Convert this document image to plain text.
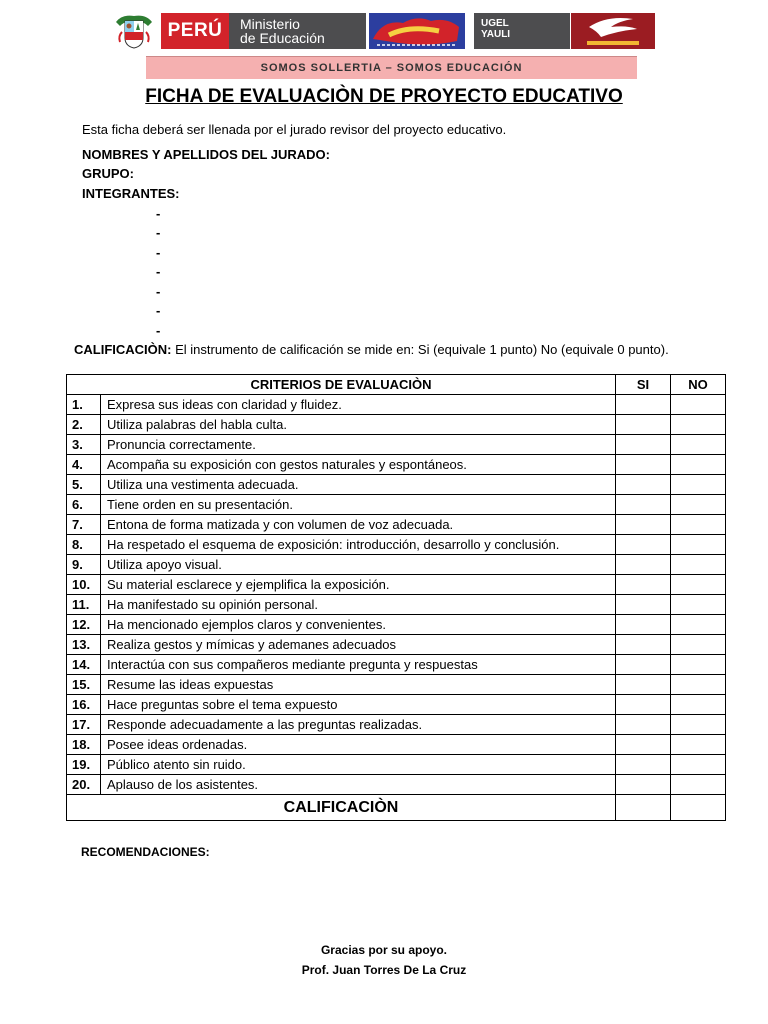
PERÚ Ministerio
de Educación
UGEL
YAULI
SOMOS SOLLERTIA – SOMOS EDUCACIÓN
FICHA DE EVALUACIÒN DE PROYECTO EDUCATIVO
Esta ficha deberá ser llenada por el jurado revisor del proyecto educativo.
NOMBRES Y APELLIDOS DEL JURADO:
GRUPO:
INTEGRANTES:
-
-
-
-
-
-
-
CALIFICACIÒN: El instrumento de calificación se mide en: Si (equivale 1 punto) No (equivale 0 punto).
CRITERIOS DE EVALUACIÒN		SI	NO
1.	Expresa sus ideas con claridad y fluidez.		
2.	Utiliza palabras del habla culta.		
3.	Pronuncia correctamente.		
4.	Acompaña su exposición con gestos naturales y espontáneos.		
5.	Utiliza una vestimenta adecuada.		
6.	Tiene orden en su presentación.		
7.	Entona de forma matizada y con volumen de voz adecuada.		
8.	Ha respetado el esquema de exposición: introducción, desarrollo y conclusión.		
9.	Utiliza apoyo visual.		
10.	Su material esclarece y ejemplifica la exposición.		
11.	Ha manifestado su opinión personal.		
12.	Ha mencionado ejemplos claros y convenientes.		
13.	Realiza gestos y mímicas y ademanes adecuados		
14.	Interactúa con sus compañeros mediante pregunta y respuestas		
15.	Resume las ideas expuestas		
16.	Hace preguntas sobre el tema expuesto		
17.	Responde adecuadamente a las preguntas realizadas.		
18.	Posee ideas ordenadas.		
19.	Público atento sin ruido.		
20.	Aplauso de los asistentes.		
CALIFICACIÒN			
RECOMENDACIONES:
Gracias por su apoyo.
Prof. Juan Torres De La Cruz
